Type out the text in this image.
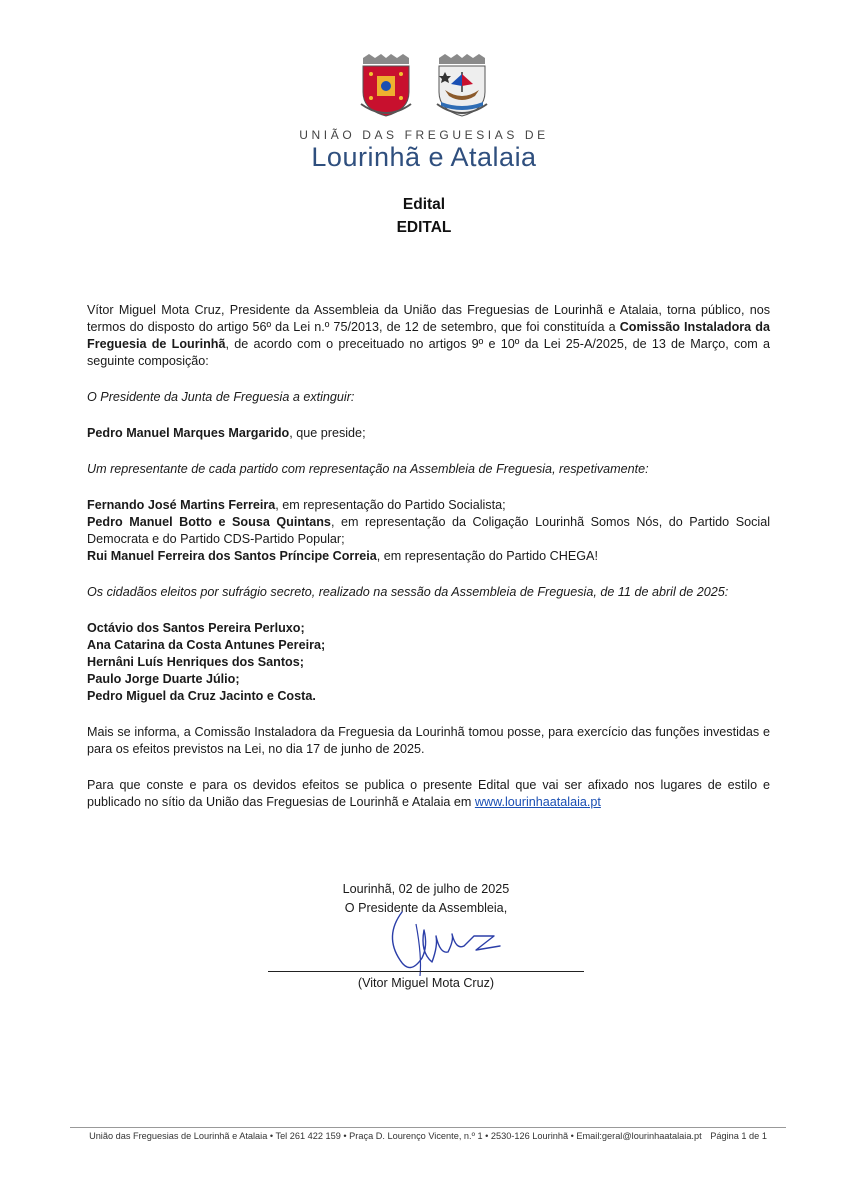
UNIÃO DAS FREGUESIAS DE
Lourinhã e Atalaia
Edital
EDITAL

Vítor Miguel Mota Cruz, Presidente da Assembleia da União das Freguesias de Lourinhã e Atalaia, torna público, nos termos do disposto do artigo 56º da Lei n.º 75/2013, de 12 de setembro, que foi constituída a Comissão Instaladora da Freguesia de Lourinhã, de acordo com o preceituado no artigos 9º e 10º da Lei 25-A/2025, de 13 de Março, com a seguinte composição:

O Presidente da Junta de Freguesia a extinguir:

Pedro Manuel Marques Margarido, que preside;

Um representante de cada partido com representação na Assembleia de Freguesia, respetivamente:

Fernando José Martins Ferreira, em representação do Partido Socialista;

Pedro Manuel Botto e Sousa Quintans, em representação da Coligação Lourinhã Somos Nós, do Partido Social Democrata e do Partido CDS-Partido Popular;

Rui Manuel Ferreira dos Santos Príncipe Correia, em representação do Partido CHEGA!

Os cidadãos eleitos por sufrágio secreto, realizado na sessão da Assembleia de Freguesia, de 11 de abril de 2025:

Octávio dos Santos Pereira Perluxo;

Ana Catarina da Costa Antunes Pereira;

Hernâni Luís Henriques dos Santos;

Paulo Jorge Duarte Júlio;

Pedro Miguel da Cruz Jacinto e Costa.

Mais se informa, a Comissão Instaladora da Freguesia da Lourinhã tomou posse, para exercício das funções investidas e para os efeitos previstos na Lei, no dia 17 de junho de 2025.

Para que conste e para os devidos efeitos se publica o presente Edital que vai ser afixado nos lugares de estilo e publicado no sítio da União das Freguesias de Lourinhã e Atalaia em www.lourinhaatalaia.pt

Lourinhã, 02 de julho de 2025
O Presidente da Assembleia,
(Vitor Miguel Mota Cruz)
União das Freguesias de Lourinhã e Atalaia • Tel 261 422 159 • Praça D. Lourenço Vicente, n.º 1 • 2530-126 Lourinhã • Email:geral@lourinhaatalaia.pt Página 1 de 1
